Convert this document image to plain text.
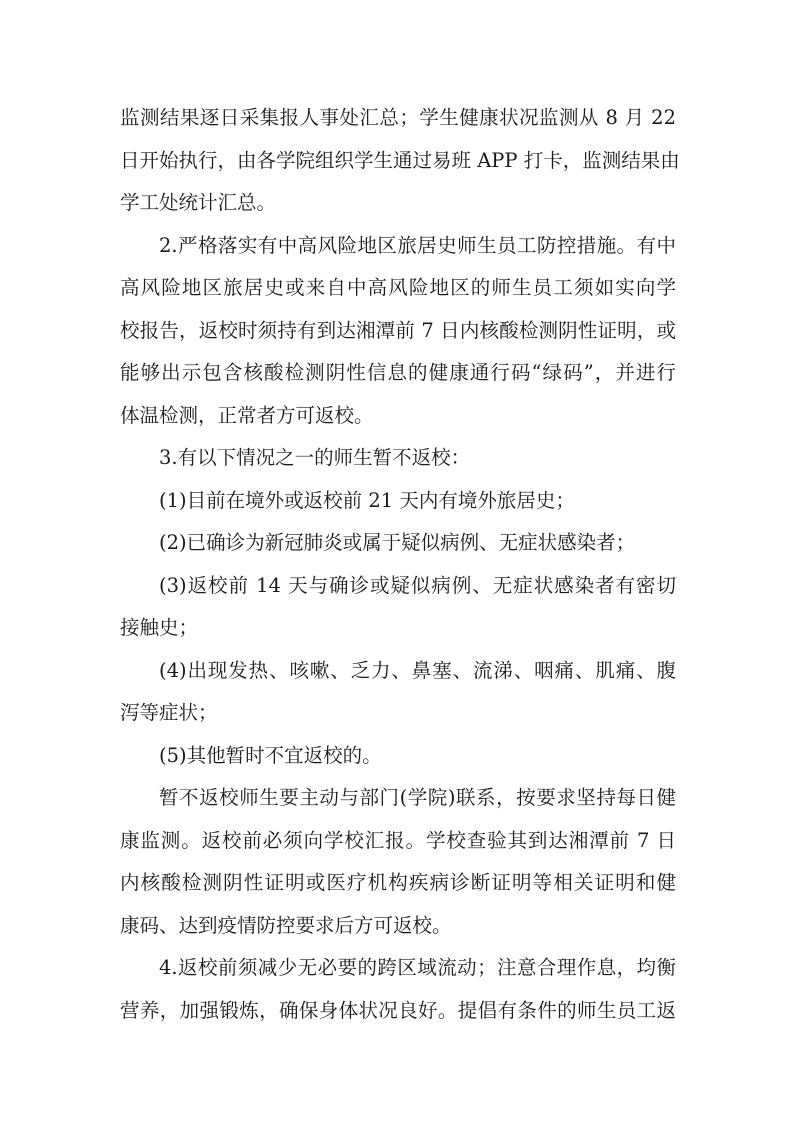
监测结果逐日采集报人事处汇总；学生健康状况监测从 8 月 22
日开始执行，由各学院组织学生通过易班 APP 打卡，监测结果由
学工处统计汇总。
2.严格落实有中高风险地区旅居史师生员工防控措施。有中
高风险地区旅居史或来自中高风险地区的师生员工须如实向学
校报告，返校时须持有到达湘潭前 7 日内核酸检测阴性证明，或
能够出示包含核酸检测阴性信息的健康通行码“绿码”，并进行
体温检测，正常者方可返校。
3.有以下情况之一的师生暂不返校：
(1)目前在境外或返校前 21 天内有境外旅居史；
(2)已确诊为新冠肺炎或属于疑似病例、无症状感染者；
(3)返校前 14 天与确诊或疑似病例、无症状感染者有密切
接触史；
(4)出现发热、咳嗽、乏力、鼻塞、流涕、咽痛、肌痛、腹
泻等症状；
(5)其他暂时不宜返校的。
暂不返校师生要主动与部门(学院)联系，按要求坚持每日健
康监测。返校前必须向学校汇报。学校查验其到达湘潭前 7 日
内核酸检测阴性证明或医疗机构疾病诊断证明等相关证明和健
康码、达到疫情防控要求后方可返校。
4.返校前须减少无必要的跨区域流动；注意合理作息，均衡
营养，加强锻炼，确保身体状况良好。提倡有条件的师生员工返
